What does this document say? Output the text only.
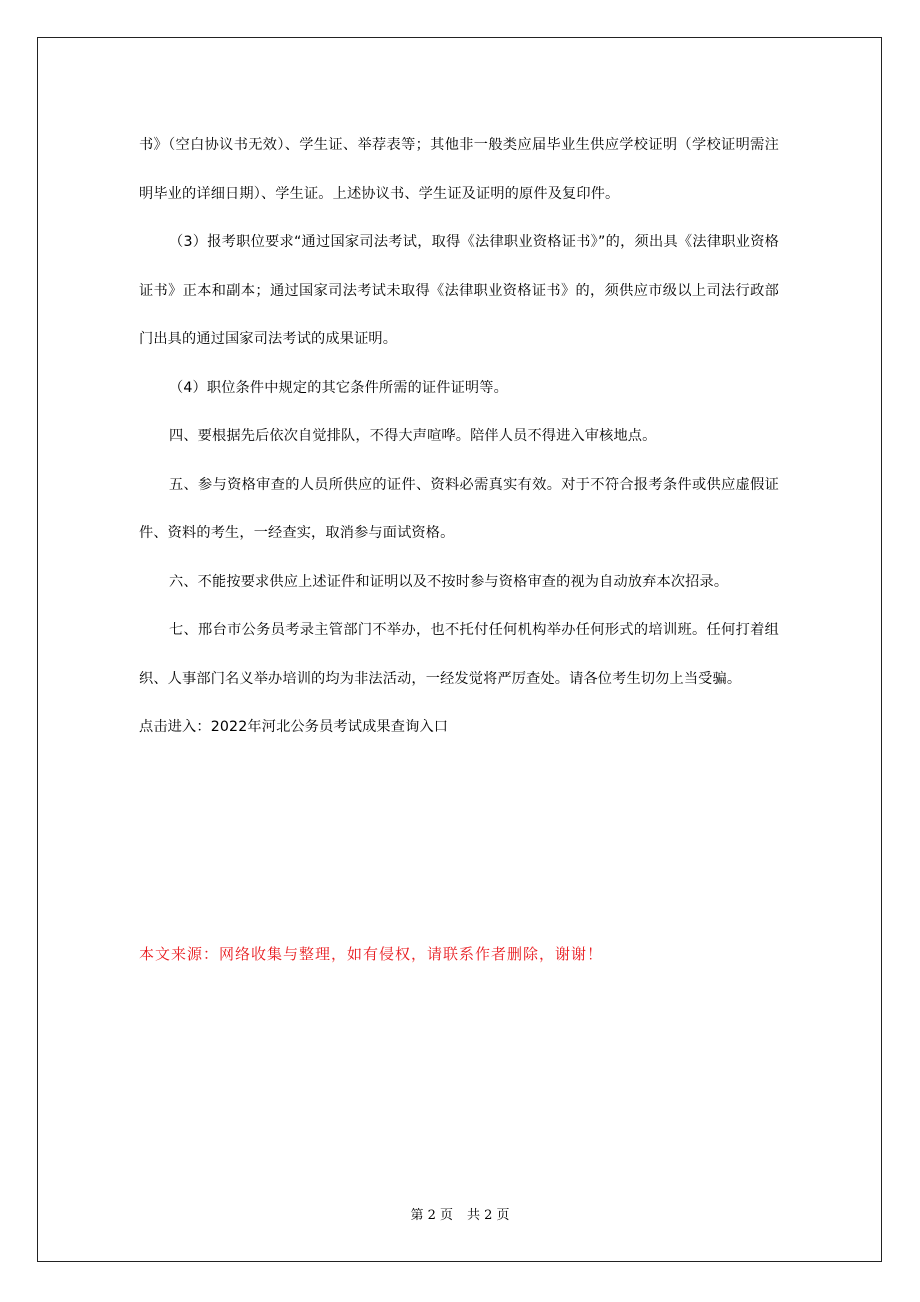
书》（空白协议书无效）、学生证、举荐表等；其他非一般类应届毕业生供应学校证明（学校证明需注明毕业的详细日期）、学生证。上述协议书、学生证及证明的原件及复印件。

（3）报考职位要求“通过国家司法考试，取得《法律职业资格证书》”的，须出具《法律职业资格证书》正本和副本；通过国家司法考试未取得《法律职业资格证书》的，须供应市级以上司法行政部门出具的通过国家司法考试的成果证明。

（4）职位条件中规定的其它条件所需的证件证明等。

四、要根据先后依次自觉排队，不得大声喧哗。陪伴人员不得进入审核地点。

五、参与资格审查的人员所供应的证件、资料必需真实有效。对于不符合报考条件或供应虚假证件、资料的考生，一经查实，取消参与面试资格。

六、不能按要求供应上述证件和证明以及不按时参与资格审查的视为自动放弃本次招录。

七、邢台市公务员考录主管部门不举办，也不托付任何机构举办任何形式的培训班。任何打着组织、人事部门名义举办培训的均为非法活动，一经发觉将严厉查处。请各位考生切勿上当受骗。

点击进入：2022年河北公务员考试成果查询入口

本文来源：网络收集与整理，如有侵权，请联系作者删除，谢谢！
第 2 页 共 2 页
